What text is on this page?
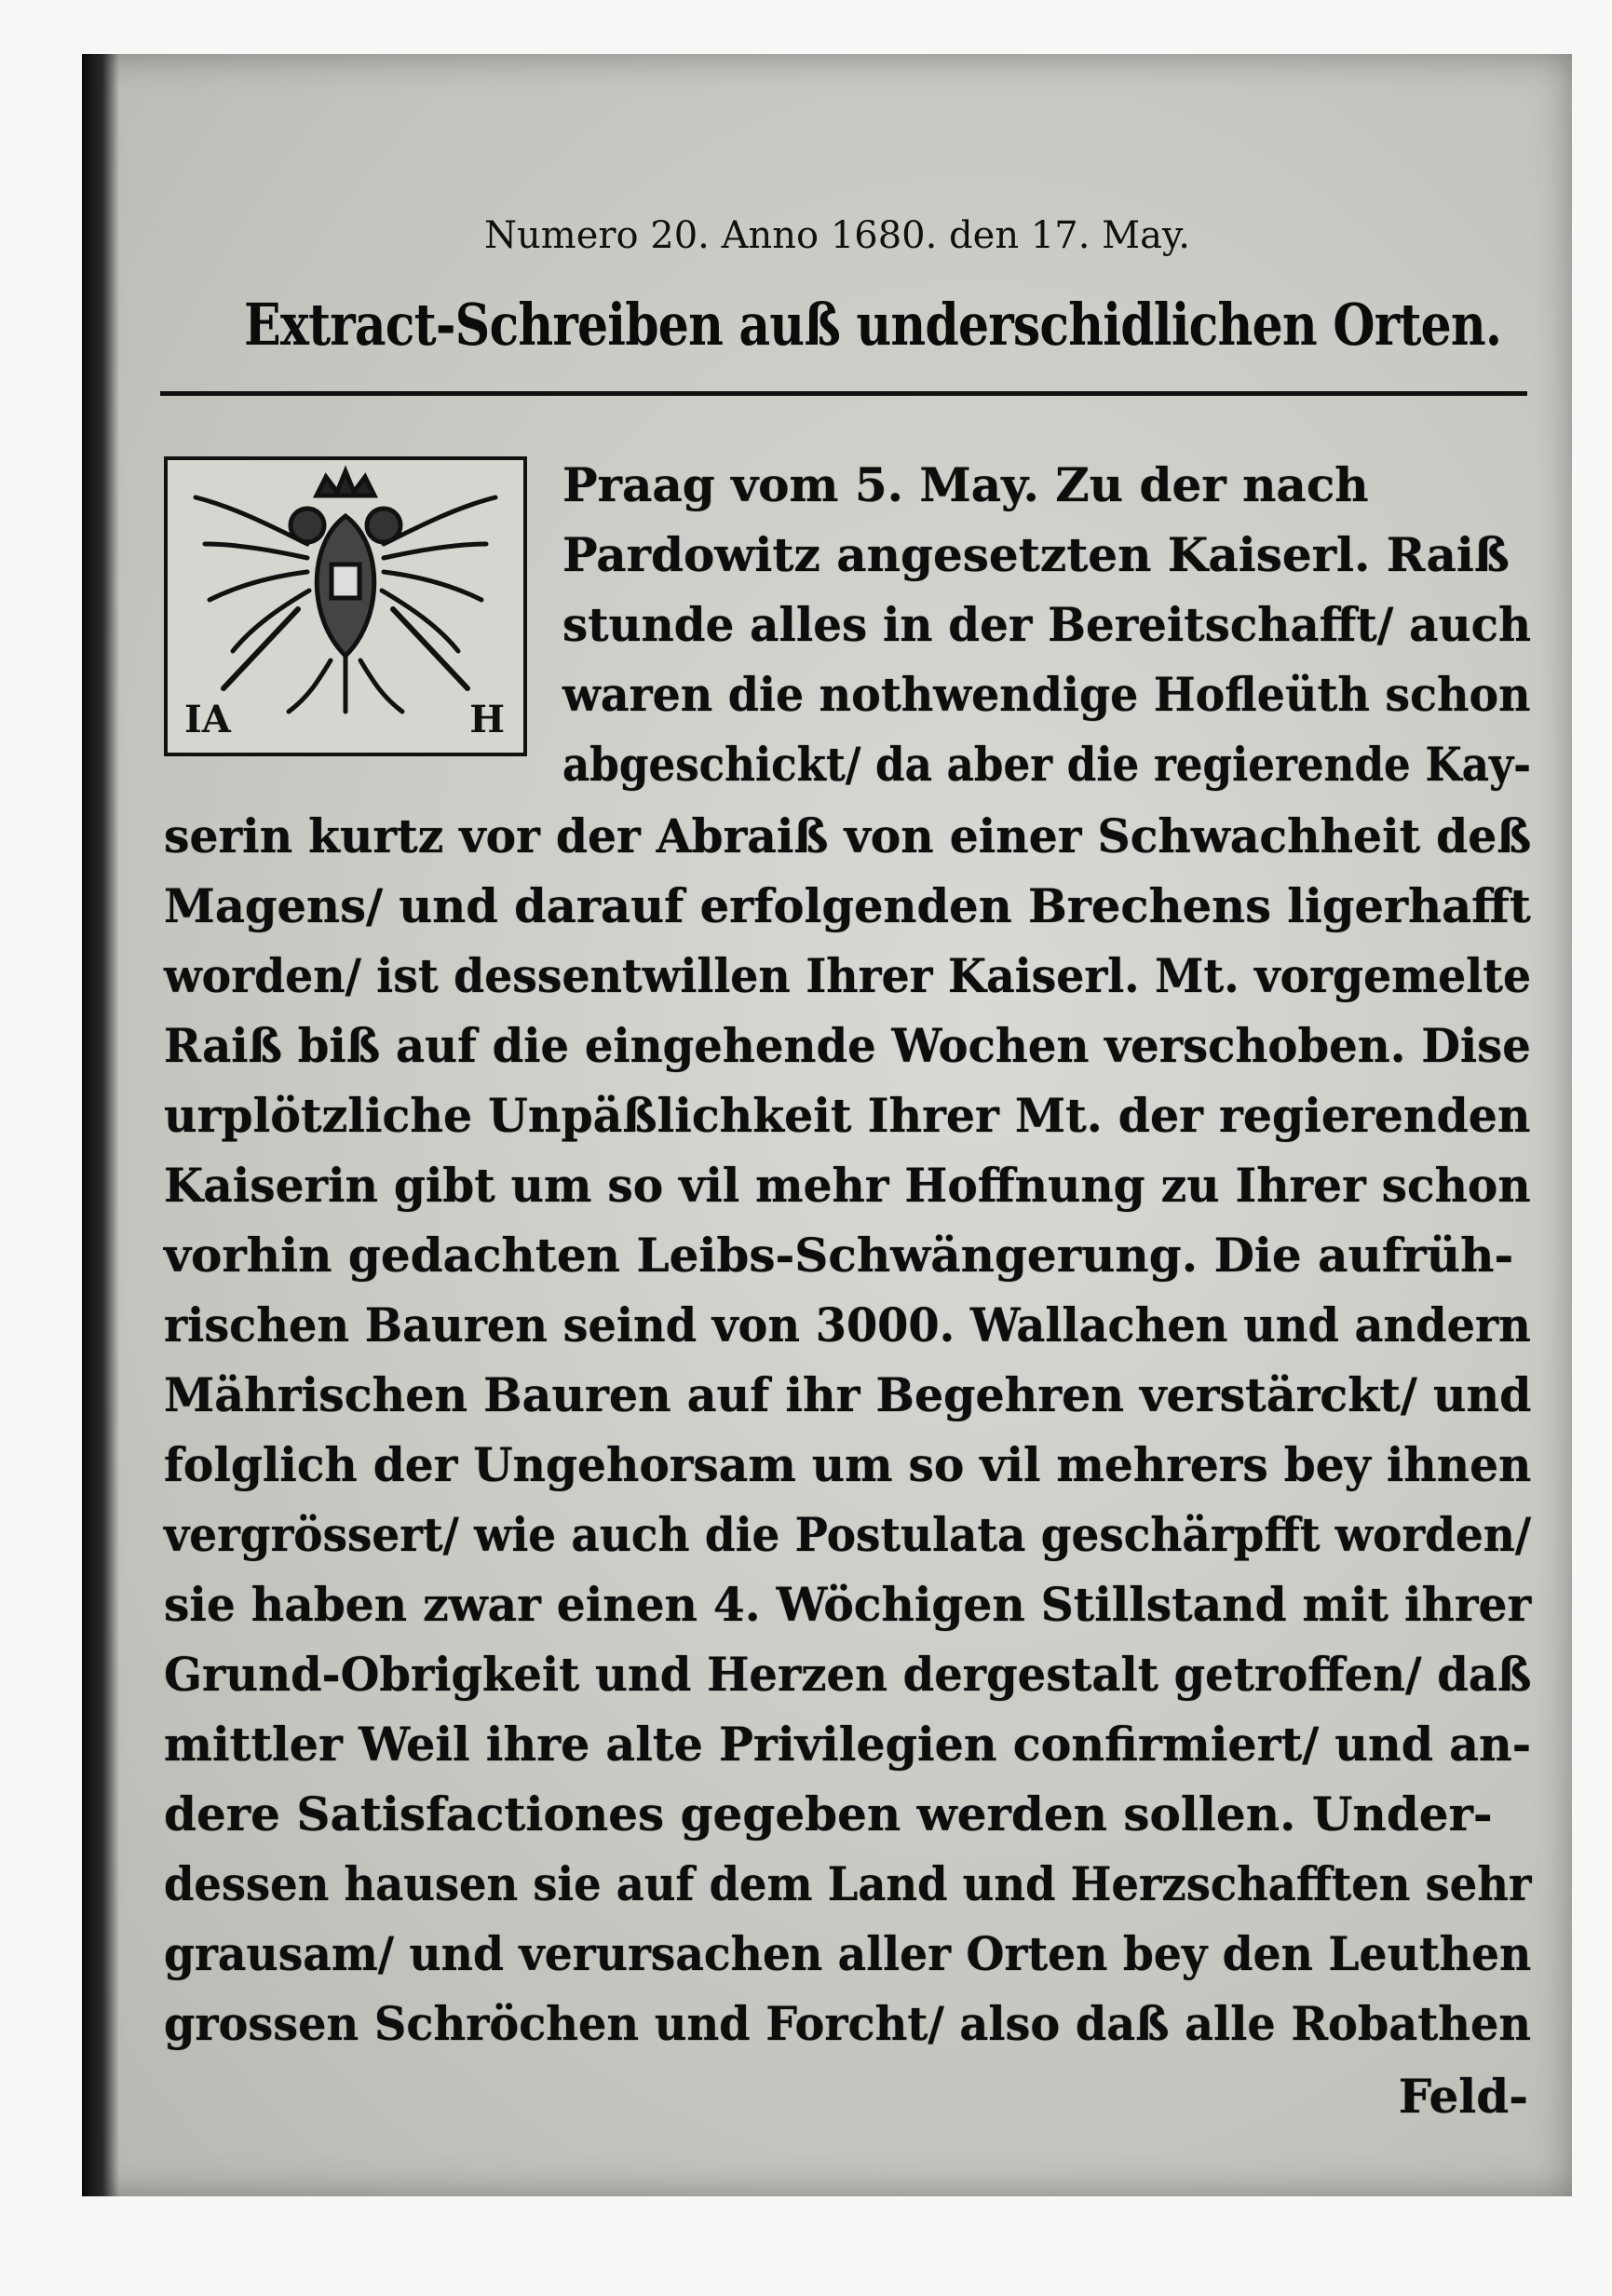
Numero 20. Anno 1680. den 17. May.
Extract-Schreiben auß underschidlichen Orten.
IA	H
Praag vom 5. May. Zu der nach
Pardowitz angesetzten Kaiserl. Raiß
stunde alles in der Bereitschafft/ auch
waren die nothwendige Hofleüth schon
abgeschickt/ da aber die regierende Kay-
serin kurtz vor der Abraiß von einer Schwachheit deß
Magens/ und darauf erfolgenden Brechens ligerhafft
worden/ ist dessentwillen Ihrer Kaiserl. Mt. vorgemelte
Raiß biß auf die eingehende Wochen verschoben. Dise
urplötzliche Unpäßlichkeit Ihrer Mt. der regierenden
Kaiserin gibt um so vil mehr Hoffnung zu Ihrer schon
vorhin gedachten Leibs-Schwängerung. Die aufrüh-
rischen Bauren seind von 3000. Wallachen und andern
Mährischen Bauren auf ihr Begehren verstärckt/ und
folglich der Ungehorsam um so vil mehrers bey ihnen
vergrössert/ wie auch die Postulata geschärpfft worden/
sie haben zwar einen 4. Wöchigen Stillstand mit ihrer
Grund-Obrigkeit und Herzen dergestalt getroffen/ daß
mittler Weil ihre alte Privilegien confirmiert/ und an-
dere Satisfactiones gegeben werden sollen. Under-
dessen hausen sie auf dem Land und Herzschafften sehr
grausam/ und verursachen aller Orten bey den Leuthen
grossen Schröchen und Forcht/ also daß alle Robathen
Feld-
